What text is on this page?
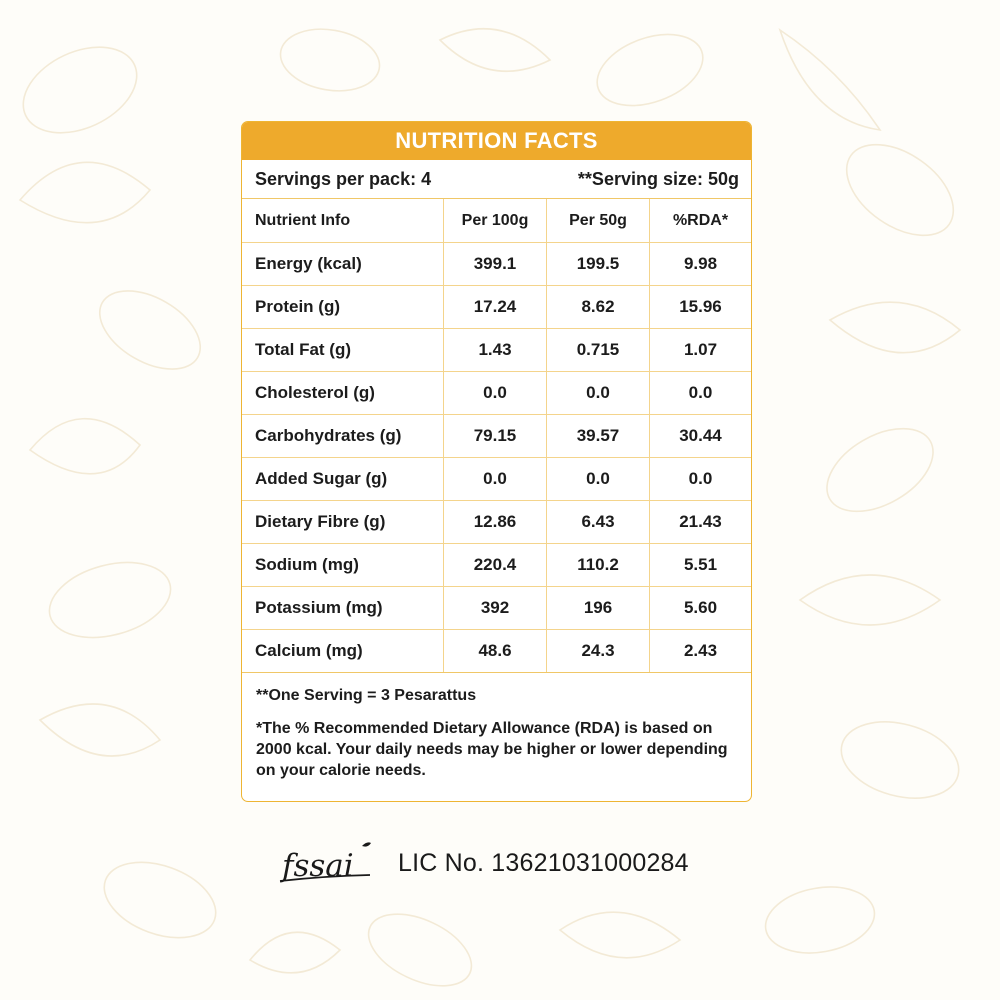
NUTRITION FACTS
Servings per pack: 4	**Serving size: 50g
Nutrient Info	Per 100g	Per 50g	%RDA*
Energy (kcal)	399.1	199.5	9.98
Protein (g)	17.24	8.62	15.96
Total Fat (g)	1.43	0.715	1.07
Cholesterol (g)	0.0	0.0	0.0
Carbohydrates (g)	79.15	39.57	30.44
Added Sugar (g)	0.0	0.0	0.0
Dietary Fibre (g)	12.86	6.43	21.43
Sodium (mg)	220.4	110.2	5.51
Potassium (mg)	392	196	5.60
Calcium (mg)	48.6	24.3	2.43
**One Serving = 3 Pesarattus
*The % Recommended Dietary Allowance (RDA) is based on 2000 kcal. Your daily needs may be higher or lower depending on your calorie needs.
fssai LIC No. 13621031000284
